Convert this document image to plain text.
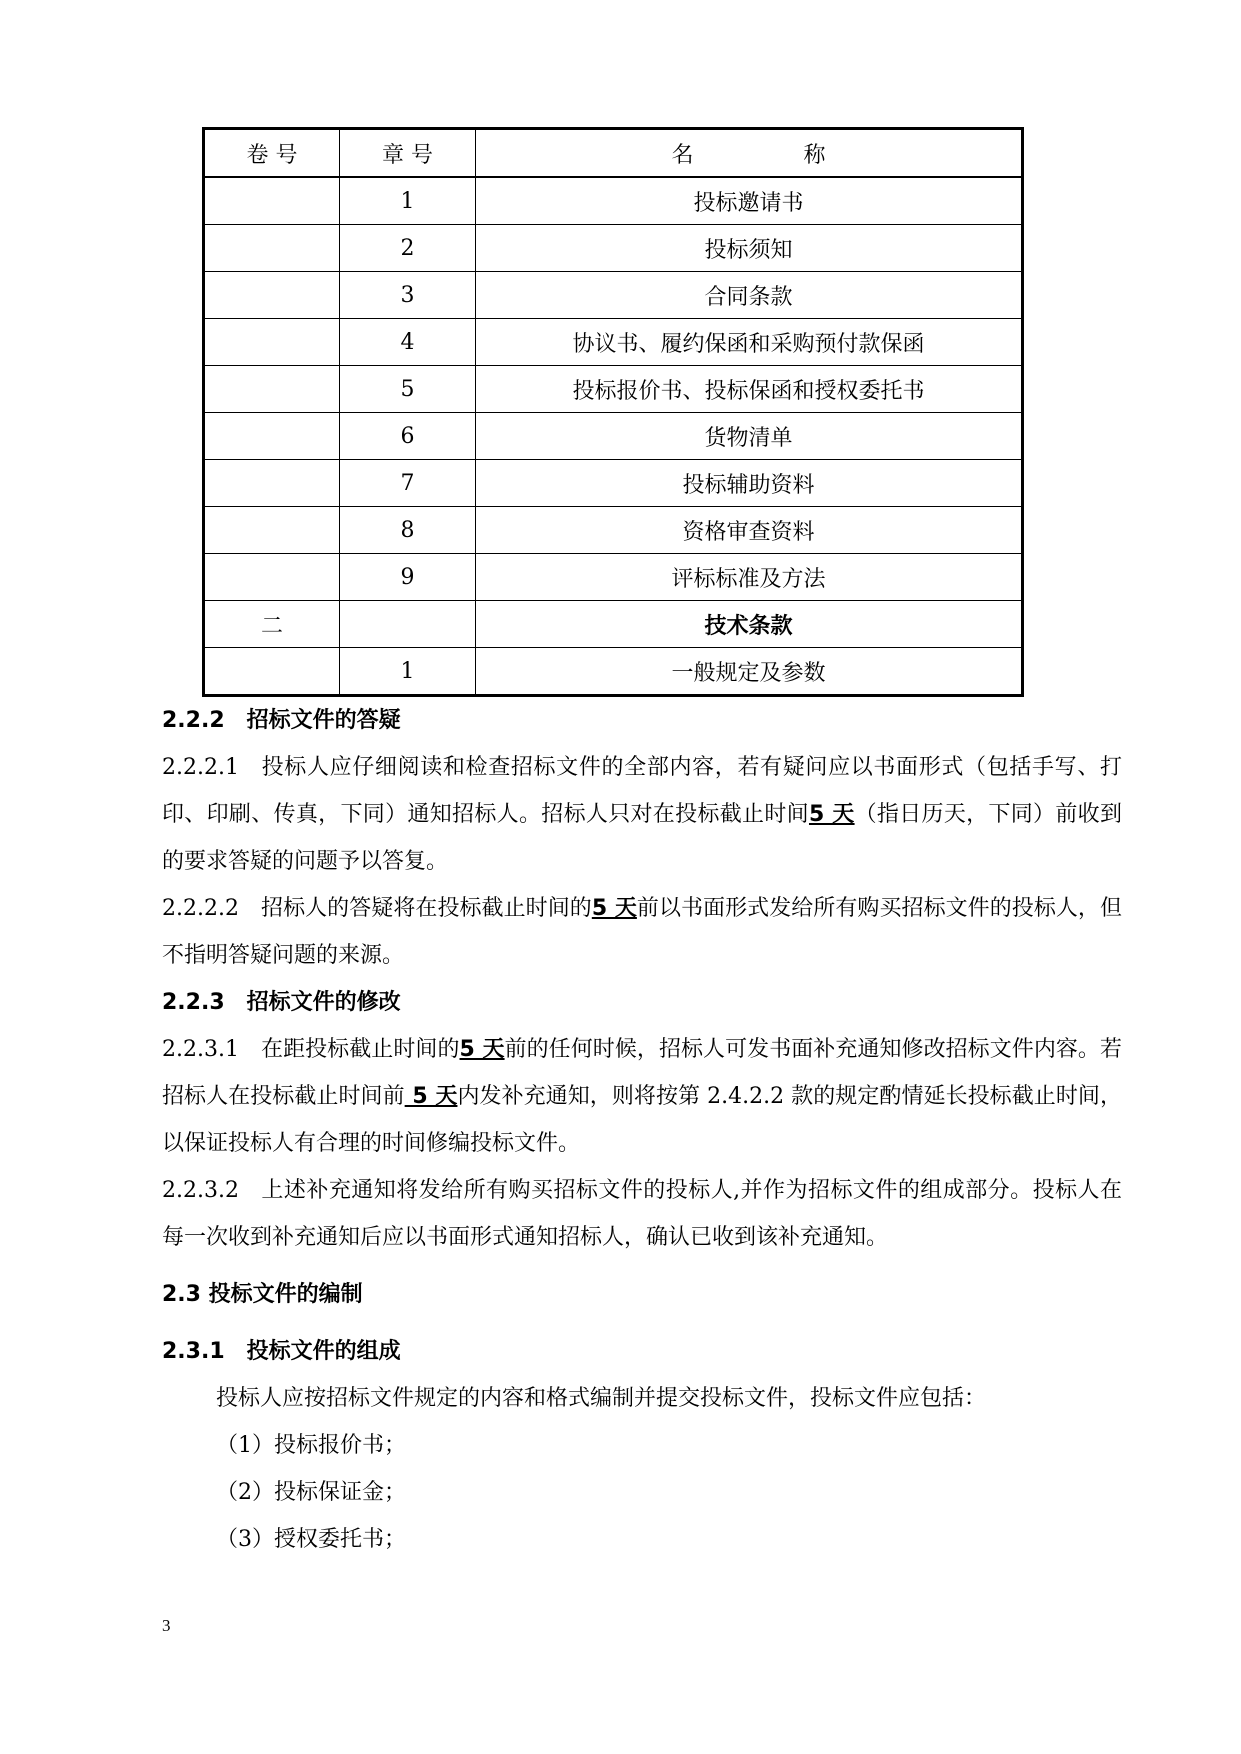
卷 号	章 号	名称
	1	投标邀请书
	2	投标须知
	3	合同条款
	4	协议书、履约保函和采购预付款保函
	5	投标报价书、投标保函和授权委托书
	6	货物清单
	7	投标辅助资料
	8	资格审查资料
	9	评标标准及方法
二		技术条款
	1	一般规定及参数

2.2.2 招标文件的答疑

2.2.2.1 投标人应仔细阅读和检查招标文件的全部内容，若有疑问应以书面形式（包括手写、打印、印刷、传真，下同）通知招标人。招标人只对在投标截止时间5 天（指日历天，下同）前收到的要求答疑的问题予以答复。

2.2.2.2 招标人的答疑将在投标截止时间的5 天前以书面形式发给所有购买招标文件的投标人，但不指明答疑问题的来源。

2.2.3 招标文件的修改

2.2.3.1 在距投标截止时间的5 天前的任何时候，招标人可发书面补充通知修改招标文件内容。若招标人在投标截止时间前 5 天内发补充通知，则将按第 2.4.2.2 款的规定酌情延长投标截止时间，以保证投标人有合理的时间修编投标文件。

2.2.3.2 上述补充通知将发给所有购买招标文件的投标人,并作为招标文件的组成部分。投标人在每一次收到补充通知后应以书面形式通知招标人，确认已收到该补充通知。

2.3 投标文件的编制

2.3.1 投标文件的组成

投标人应按招标文件规定的内容和格式编制并提交投标文件，投标文件应包括：

（1）投标报价书；

（2）投标保证金；

（3）授权委托书；

3
